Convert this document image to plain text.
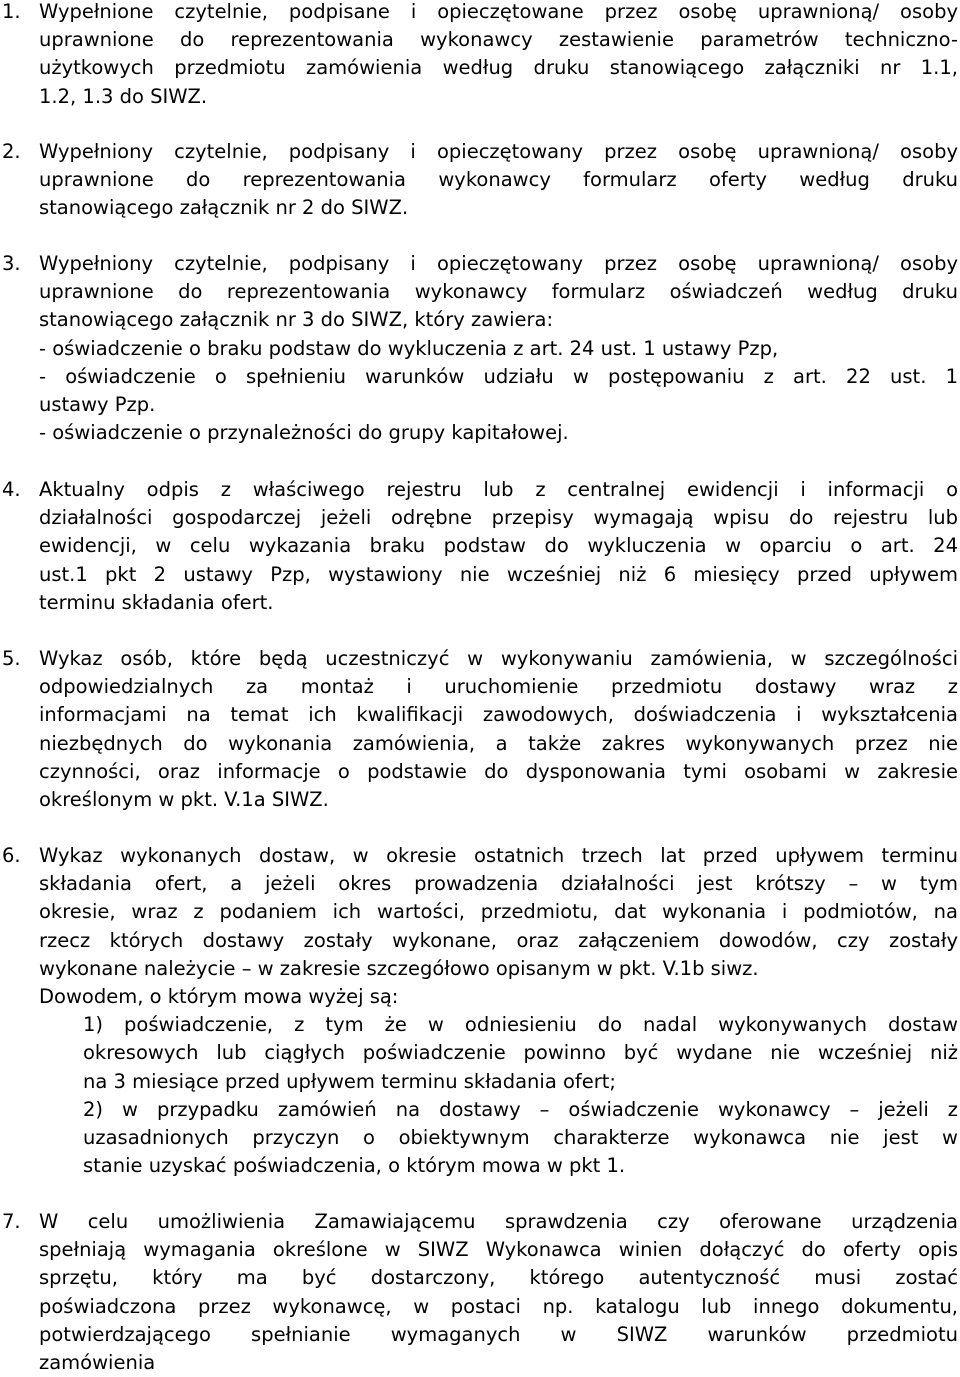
1. Wypełnione czytelnie, podpisane i opieczętowane przez osobę uprawnioną/ osoby
uprawnione do reprezentowania wykonawcy zestawienie parametrów techniczno-
użytkowych przedmiotu zamówienia według druku stanowiącego załączniki nr 1.1,
1.2, 1.3 do SIWZ.
2. Wypełniony czytelnie, podpisany i opieczętowany przez osobę uprawnioną/ osoby
uprawnione do reprezentowania wykonawcy formularz oferty według druku
stanowiącego załącznik nr 2 do SIWZ.
3. Wypełniony czytelnie, podpisany i opieczętowany przez osobę uprawnioną/ osoby
uprawnione do reprezentowania wykonawcy formularz oświadczeń według druku
stanowiącego załącznik nr 3 do SIWZ, który zawiera:
- oświadczenie o braku podstaw do wykluczenia z art. 24 ust. 1 ustawy Pzp,
- oświadczenie o spełnieniu warunków udziału w postępowaniu z art. 22 ust. 1
ustawy Pzp.
- oświadczenie o przynależności do grupy kapitałowej.
4. Aktualny odpis z właściwego rejestru lub z centralnej ewidencji i informacji o
działalności gospodarczej jeżeli odrębne przepisy wymagają wpisu do rejestru lub
ewidencji, w celu wykazania braku podstaw do wykluczenia w oparciu o art. 24
ust.1 pkt 2 ustawy Pzp, wystawiony nie wcześniej niż 6 miesięcy przed upływem
terminu składania ofert.
5. Wykaz osób, które będą uczestniczyć w wykonywaniu zamówienia, w szczególności
odpowiedzialnych za montaż i uruchomienie przedmiotu dostawy wraz z
informacjami na temat ich kwalifikacji zawodowych, doświadczenia i wykształcenia
niezbędnych do wykonania zamówienia, a także zakres wykonywanych przez nie
czynności, oraz informacje o podstawie do dysponowania tymi osobami w zakresie
określonym w pkt. V.1a SIWZ.
6. Wykaz wykonanych dostaw, w okresie ostatnich trzech lat przed upływem terminu
składania ofert, a jeżeli okres prowadzenia działalności jest krótszy – w tym
okresie, wraz z podaniem ich wartości, przedmiotu, dat wykonania i podmiotów, na
rzecz których dostawy zostały wykonane, oraz załączeniem dowodów, czy zostały
wykonane należycie – w zakresie szczegółowo opisanym w pkt. V.1b siwz.
Dowodem, o którym mowa wyżej są:
1) poświadczenie, z tym że w odniesieniu do nadal wykonywanych dostaw
okresowych lub ciągłych poświadczenie powinno być wydane nie wcześniej niż
na 3 miesiące przed upływem terminu składania ofert;
2) w przypadku zamówień na dostawy – oświadczenie wykonawcy – jeżeli z
uzasadnionych przyczyn o obiektywnym charakterze wykonawca nie jest w
stanie uzyskać poświadczenia, o którym mowa w pkt 1.
7. W celu umożliwienia Zamawiającemu sprawdzenia czy oferowane urządzenia
spełniają wymagania określone w SIWZ Wykonawca winien dołączyć do oferty opis
sprzętu, który ma być dostarczony, którego autentyczność musi zostać
poświadczona przez wykonawcę, w postaci np. katalogu lub innego dokumentu,
potwierdzającego spełnianie wymaganych w SIWZ warunków przedmiotu
zamówienia
